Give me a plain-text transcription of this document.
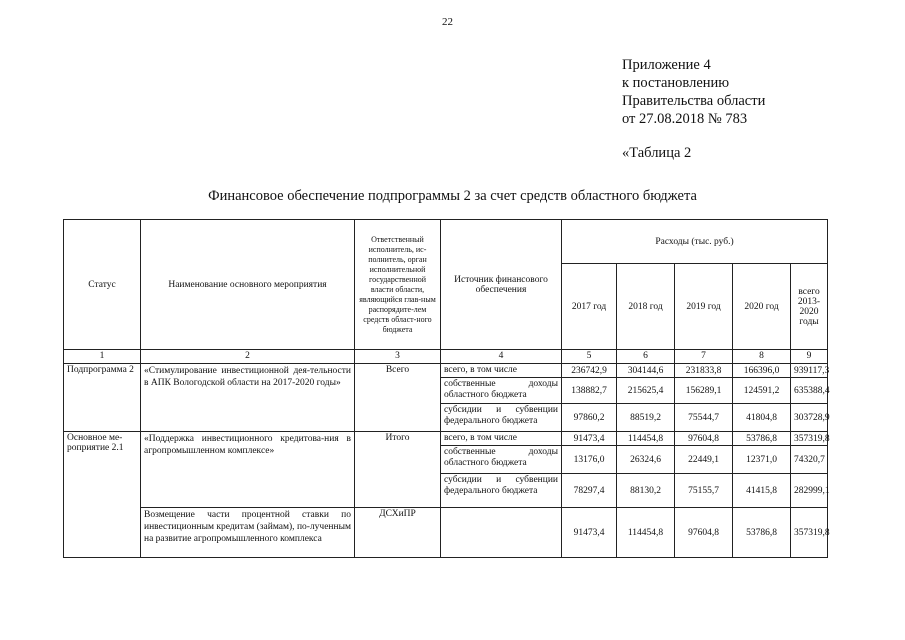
22
Приложение 4
к постановлению
Правительства области
от 27.08.2018 № 783
«Таблица 2
Финансовое обеспечение подпрограммы 2 за счет средств областного бюджета
Статус	Наименование основного мероприятия	Ответственный исполнитель, ис-полнитель, орган исполнительной государственной власти области, являющийся глав-ным распорядите-лем средств област-ного бюджета	Источник финансового обеспечения	Расходы (тыс. руб.)				
				2017 год	2018 год	2019 год	2020 год	всего 2013-2020 годы
1	2	3	4	5	6	7	8	9
Подпрограмма 2	«Стимулирование инвестиционной дея-тельности в АПК Вологодской области на 2017-2020 годы»	Всего	всего, в том числе	236742,9	304144,6	231833,8	166396,0	939117,3
			собственные доходы областного бюджета	138882,7	215625,4	156289,1	124591,2	635388,4
			субсидии и субвенции федерального бюджета	97860,2	88519,2	75544,7	41804,8	303728,9
Основное ме-роприятие 2.1	«Поддержка инвестиционного кредитова-ния в агропромышленном комплексе»	Итого	всего, в том числе	91473,4	114454,8	97604,8	53786,8	357319,8
			собственные доходы областного бюджета	13176,0	26324,6	22449,1	12371,0	74320,7
			субсидии и субвенции федерального бюджета	78297,4	88130,2	75155,7	41415,8	282999,1
	Возмещение части процентной ставки по инвестиционным кредитам (займам), по-лученным на развитие агропромышленного комплекса	ДСХиПР		91473,4	114454,8	97604,8	53786,8	357319,8
